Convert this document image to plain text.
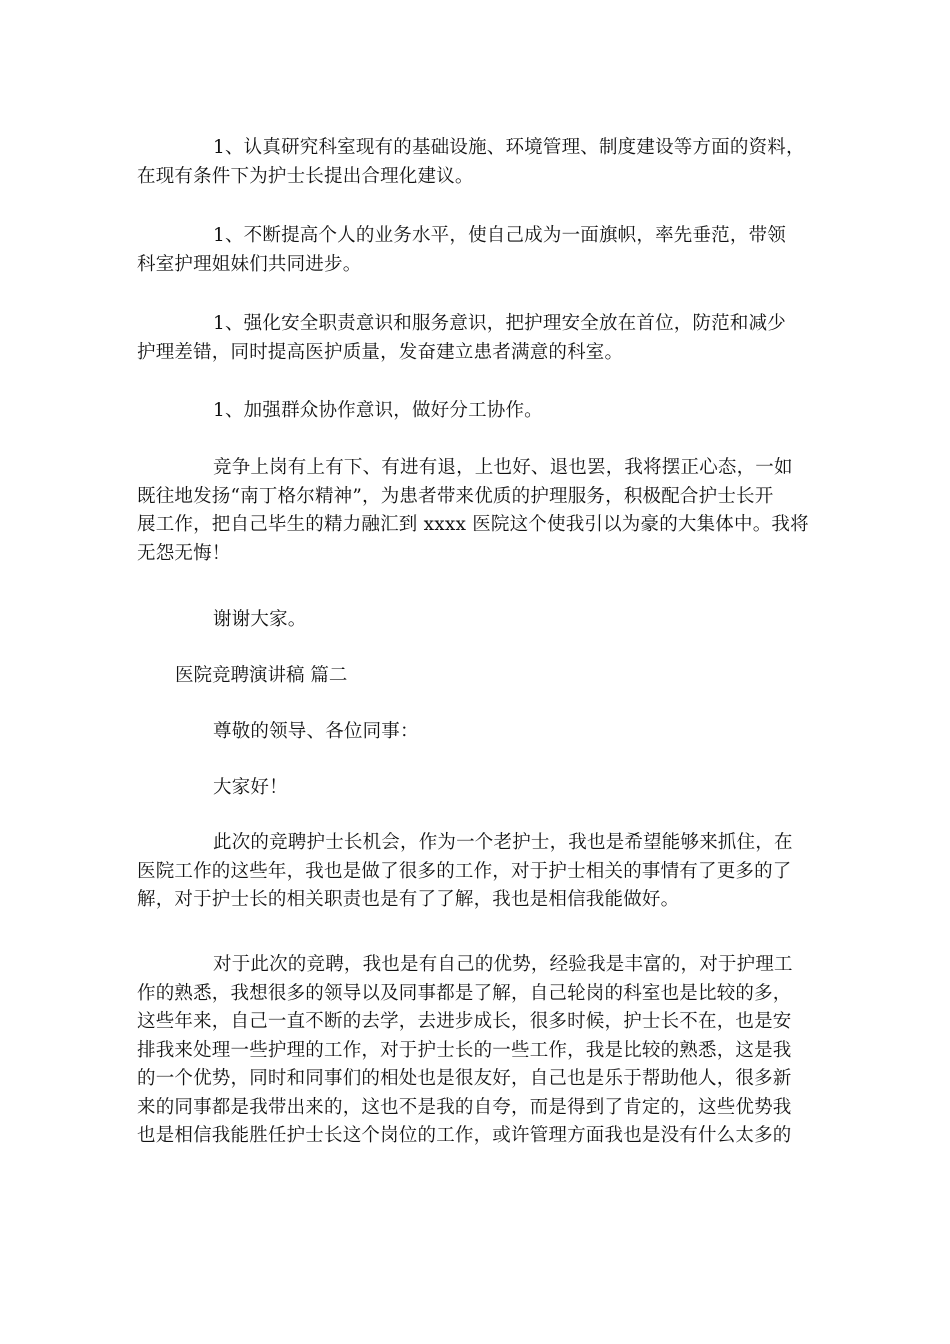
1、认真研究科室现有的基础设施、环境管理、制度建设等方面的资料，
在现有条件下为护士长提出合理化建议。
1、不断提高个人的业务水平，使自己成为一面旗帜，率先垂范，带领
科室护理姐妹们共同进步。
1、强化安全职责意识和服务意识，把护理安全放在首位，防范和减少
护理差错，同时提高医护质量，发奋建立患者满意的科室。
1、加强群众协作意识，做好分工协作。
竞争上岗有上有下、有进有退，上也好、退也罢，我将摆正心态，一如
既往地发扬“南丁格尔精神”，为患者带来优质的护理服务，积极配合护士长开
展工作，把自己毕生的精力融汇到 xxxx 医院这个使我引以为豪的大集体中。我将
无怨无悔！
谢谢大家。
医院竞聘演讲稿 篇二
尊敬的领导、各位同事：
大家好！
此次的竞聘护士长机会，作为一个老护士，我也是希望能够来抓住，在
医院工作的这些年，我也是做了很多的工作，对于护士相关的事情有了更多的了
解，对于护士长的相关职责也是有了了解，我也是相信我能做好。
对于此次的竞聘，我也是有自己的优势，经验我是丰富的，对于护理工
作的熟悉，我想很多的领导以及同事都是了解，自己轮岗的科室也是比较的多，
这些年来，自己一直不断的去学，去进步成长，很多时候，护士长不在，也是安
排我来处理一些护理的工作，对于护士长的一些工作，我是比较的熟悉，这是我
的一个优势，同时和同事们的相处也是很友好，自己也是乐于帮助他人，很多新
来的同事都是我带出来的，这也不是我的自夸，而是得到了肯定的，这些优势我
也是相信我能胜任护士长这个岗位的工作，或许管理方面我也是没有什么太多的
